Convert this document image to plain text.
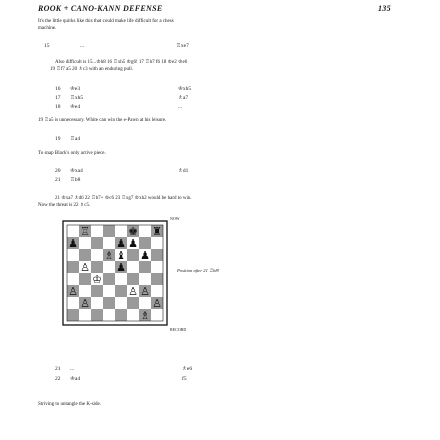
ROOK + CANO-KANN DEFENSE	135
It's the little quirks like this that could make life difficult for a chess
machine.
15	...	♖xe7
Also difficult is 15...♔h8 16 ♖xh5 ♔g6! 17 ♖h7 f6 18 ♔e2 ♔e6
19 ♖f7 a5 20 ♗c3 with an enduring pull.
16 ♔e3	♔xh5
17 ♖xh5	♗a7
18 ♔e4	...
19 ♖a5 is unnecessary. White can win the e-Pawn at his leisure.
19 ♖a4
To snap Black's only active piece.
20 ♔xa4	♗d1
21 ♖b8
21 ♔xa7 ♗d6 22 ♖b7+ ♔c6 23 ♖xg7 ♔xh2 would be hard to win.
Now the threat is 22 ♗c5.
NOW
♖	♚ ♜
♟	♟ ♟
♗ ♝ ♟
♙ ♟
♔
♙	♙ ♙
♙	♙
♗
Position after 21 ♖b8!
RECORD
21 ...	♗e6
22 ♔a4	f5
Striving to untangle the K-side.
